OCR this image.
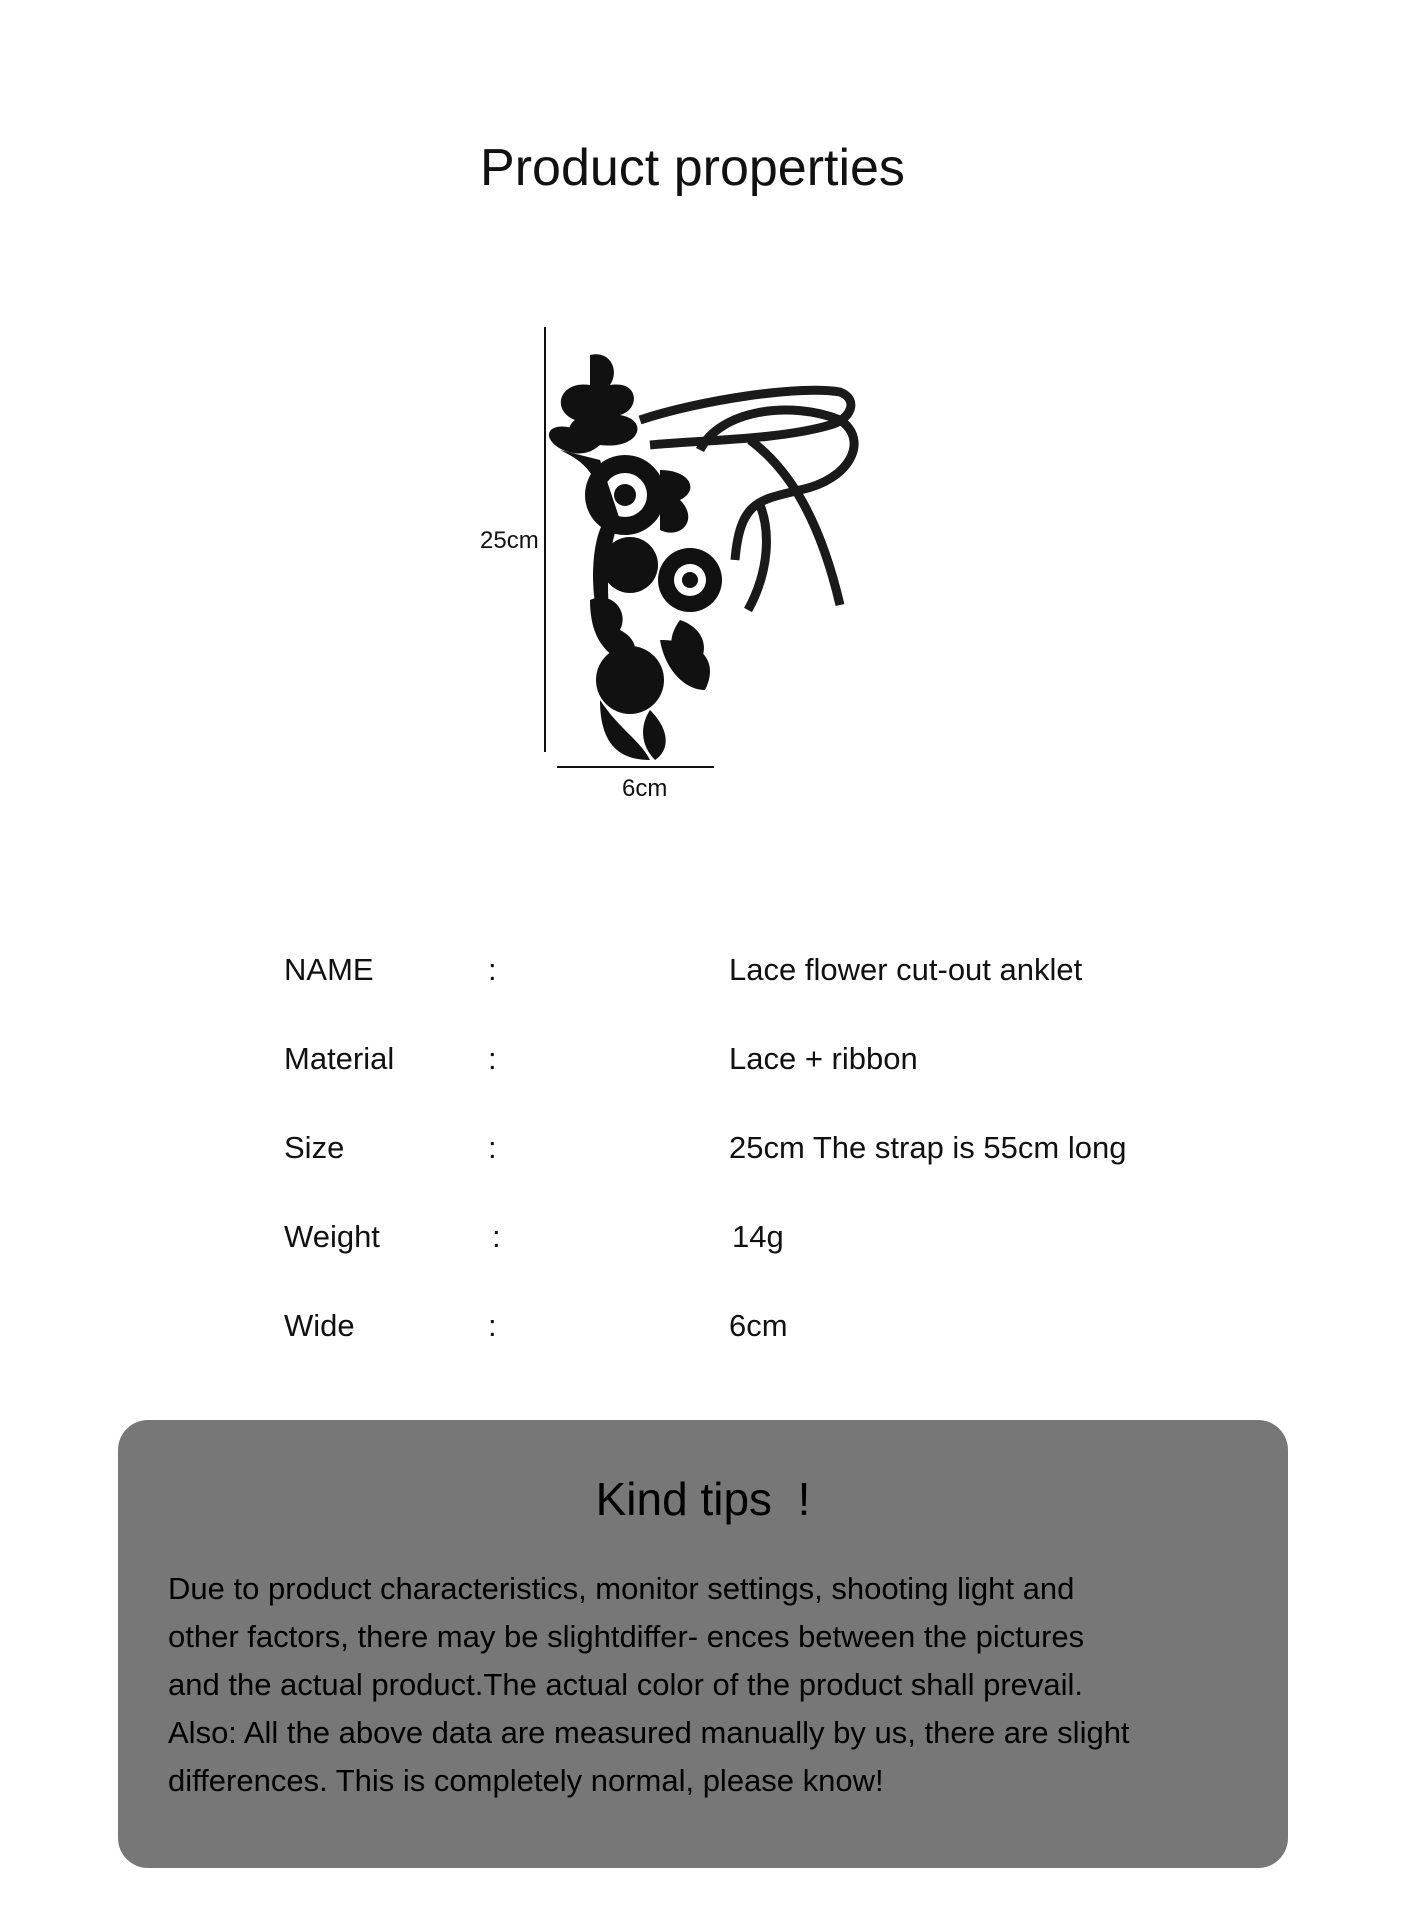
Product properties
25cm
6cm
NAME	:	Lace flower cut-out anklet
Material	:	Lace + ribbon
Size	:	25cm The strap is 55cm long
Weight	:	14g
Wide	:	6cm
Kind tips  !
Due to product characteristics, monitor settings, shooting light and
other factors, there may be slightdiffer- ences between the pictures
and the actual product.The actual color of the product shall prevail.
Also: All the above data are measured manually by us, there are slight
differences. This is completely normal, please know!
